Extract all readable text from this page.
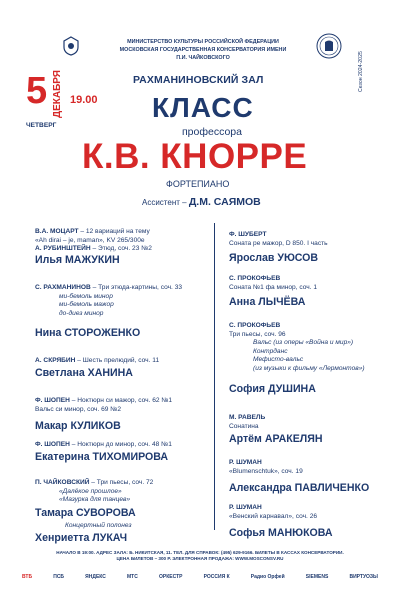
МИНИСТЕРСТВО КУЛЬТУРЫ РОССИЙСКОЙ ФЕДЕРАЦИИ
МОСКОВСКАЯ ГОСУДАРСТВЕННАЯ КОНСЕРВАТОРИЯ ИМЕНИ П.И. ЧАЙКОВСКОГО	Сезон 2024-2025
РАХМАНИНОВСКИЙ ЗАЛ
5 ДЕКАБРЯ 19.00
ЧЕТВЕРГ
КЛАСС
профессора
К.В. КНОРРЕ
ФОРТЕПИАНО
Ассистент – Д.М. САЯМОВ
В.А. МОЦАРТ – 12 вариаций на тему
«Ah dirai – je, maman», KV 265/300e
А. РУБИНШТЕЙН – Этюд, соч. 23 №2
Илья МАЖУКИН
С. РАХМАНИНОВ – Три этюда-картины, соч. 33
ми-бемоль минор
ми-бемоль мажор
до-диез минор
Нина СТОРОЖЕНКО
А. СКРЯБИН – Шесть прелюдий, соч. 11
Светлана ХАНИНА
Ф. ШОПЕН – Ноктюрн си мажор, соч. 62 №1
Вальс си минор, соч. 69 №2
Макар КУЛИКОВ
Ф. ШОПЕН – Ноктюрн до минор, соч. 48 №1
Екатерина ТИХОМИРОВА
П. ЧАЙКОВСКИЙ – Три пьесы, соч. 72
«Далёкое прошлое»
«Мазурка для танцев»
Тамара СУВОРОВА
Концертный полонез
Хенриетта ЛУКАЧ
Ф. ШУБЕРТ
Соната ре мажор, D 850. I часть
Ярослав УЮСОВ
С. ПРОКОФЬЕВ
Соната №1 фа минор, соч. 1
Анна ЛЫЧЁВА
С. ПРОКОФЬЕВ
Три пьесы, соч. 96
Вальс (из оперы «Война и мир»)
Контрданс
Мефисто-вальс
(из музыки к фильму «Лермонтов»)
София ДУШИНА
М. РАВЕЛЬ
Сонатина
Артём АРАКЕЛЯН
Р. ШУМАН
«Blumenschtuk», соч. 19
Александра ПАВЛИЧЕНКО
Р. ШУМАН
«Венский карнавал», соч. 26
Софья МАНЮКОВА
НАЧАЛО В 19:00. АДРЕС ЗАЛА: Б. НИКИТСКАЯ, 11. ТЕЛ. ДЛЯ СПРАВОК: (495) 629-9166. БИЛЕТЫ В КАССАХ КОНСЕРВАТОРИИ.
ЦЕНА БИЛЕТОВ – 300 Р. ЭЛЕКТРОННАЯ ПРОДАЖА: WWW.MOSCONSV.RU
ВТБ	ПСБ	ЯНДЕКС	МТС	ОРКЕСТР	РОССИЯ К	Радио Орфей	SIEMENS	ВИРТУОЗЫ
